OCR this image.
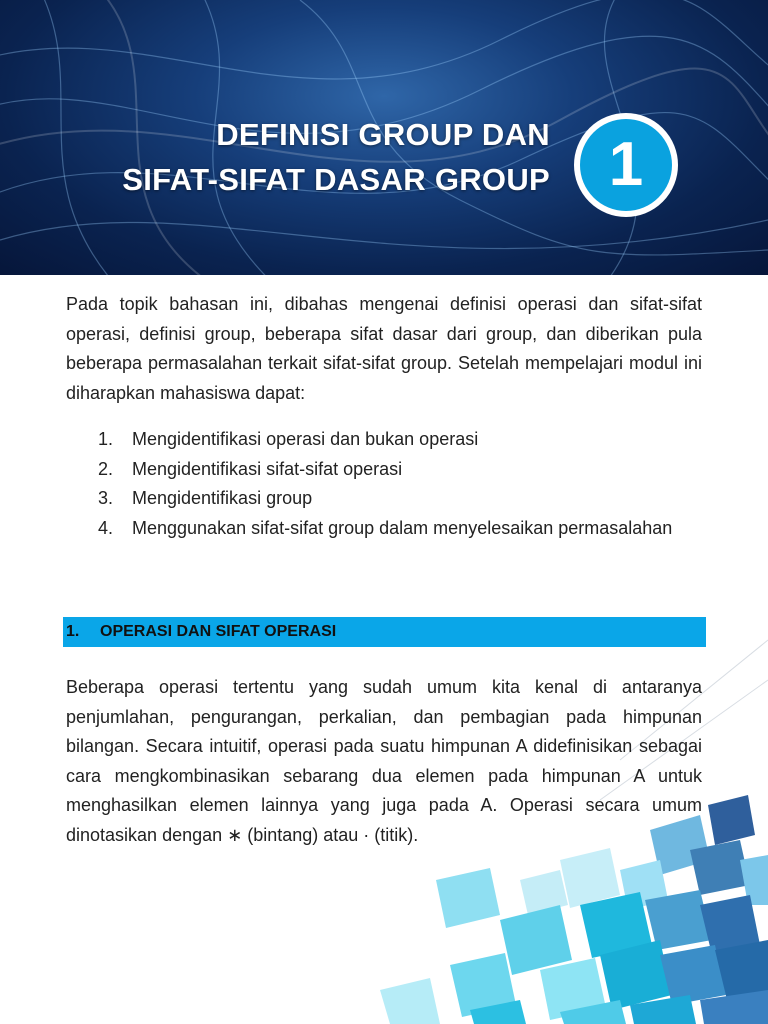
DEFINISI GROUP DAN
SIFAT-SIFAT DASAR GROUP 1
Pada topik bahasan ini, dibahas mengenai definisi operasi dan sifat-sifat operasi, definisi group, beberapa sifat dasar dari group, dan diberikan pula beberapa permasalahan terkait sifat-sifat group. Setelah mempelajari modul ini diharapkan mahasiswa dapat:
1.	Mengidentifikasi operasi dan bukan operasi
2.	Mengidentifikasi sifat-sifat operasi
3.	Mengidentifikasi group
4.	Menggunakan sifat-sifat group dalam menyelesaikan permasalahan
1. OPERASI DAN SIFAT OPERASI
Beberapa operasi tertentu yang sudah umum kita kenal di antaranya penjumlahan, pengurangan, perkalian, dan pembagian pada himpunan bilangan. Secara intuitif, operasi pada suatu himpunan A didefinisikan sebagai cara mengkombinasikan sebarang dua elemen pada himpunan A untuk menghasilkan elemen lainnya yang juga pada A. Operasi secara umum dinotasikan dengan ∗ (bintang) atau · (titik).
